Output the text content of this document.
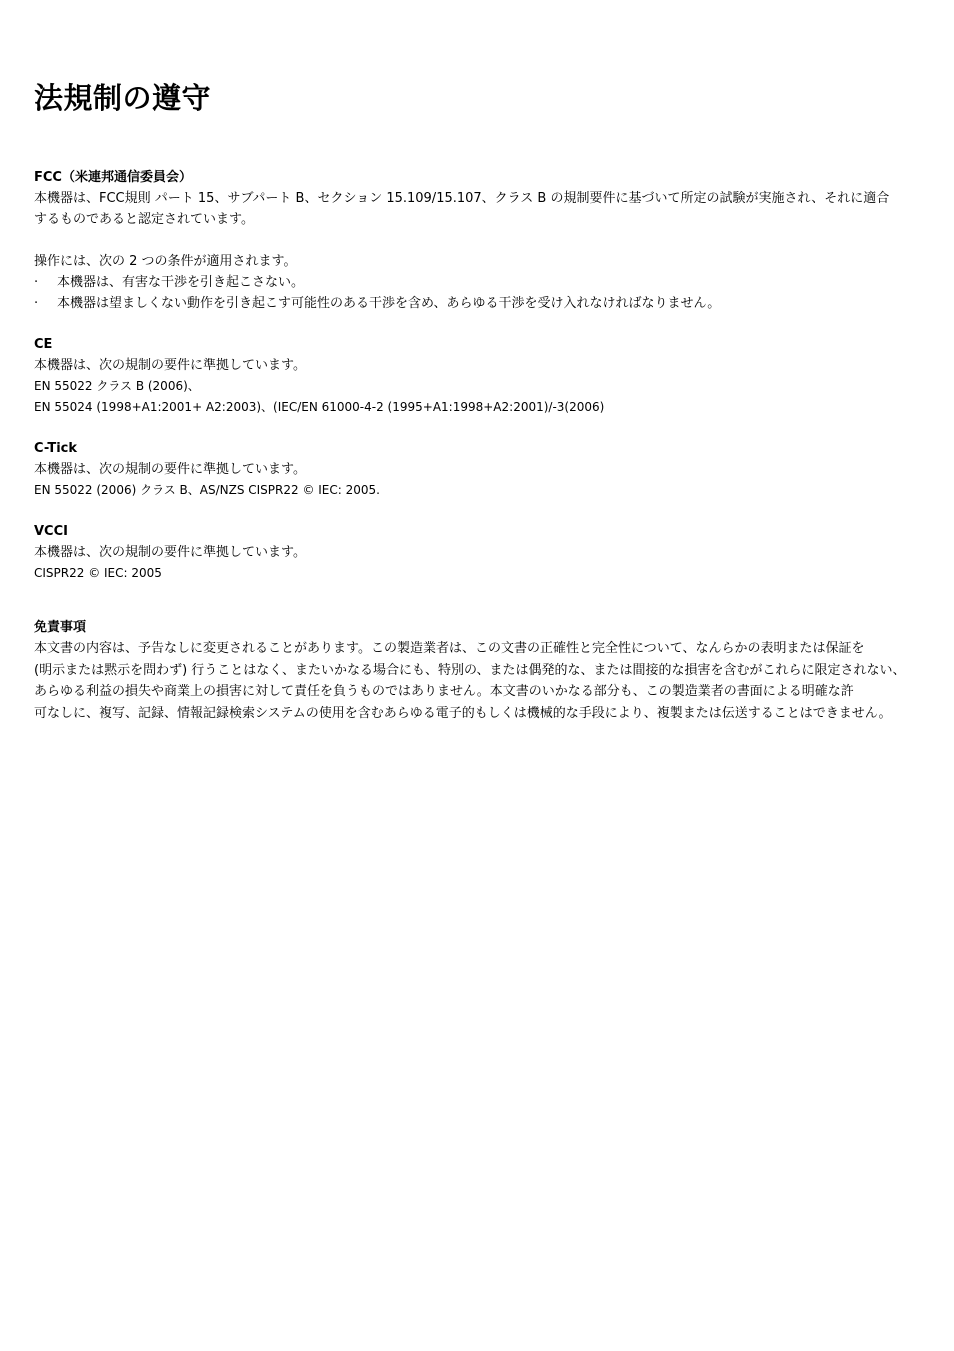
法規制の遵守
FCC（米連邦通信委員会）
本機器は、FCC規則 パート 15、サブパート B、セクション 15.109/15.107、クラス B の規制要件に基づいて所定の試験が実施され、それに適合
するものであると認定されています。
操作には、次の 2 つの条件が適用されます。
·	本機器は、有害な干渉を引き起こさない。
·	本機器は望ましくない動作を引き起こす可能性のある干渉を含め、あらゆる干渉を受け入れなければなりません。
CE
本機器は、次の規制の要件に準拠しています。
EN 55022 クラス B (2006)、
EN 55024 (1998+A1:2001+ A2:2003)、(IEC/EN 61000-4-2 (1995+A1:1998+A2:2001)/-3(2006)
C-Tick
本機器は、次の規制の要件に準拠しています。
EN 55022 (2006) クラス B、AS/NZS CISPR22 © IEC: 2005.
VCCI
本機器は、次の規制の要件に準拠しています。
CISPR22 © IEC: 2005
免責事項
本文書の内容は、予告なしに変更されることがあります。この製造業者は、この文書の正確性と完全性について、なんらかの表明または保証を
(明示または黙示を問わず) 行うことはなく、またいかなる場合にも、特別の、または偶発的な、または間接的な損害を含むがこれらに限定されない、
あらゆる利益の損失や商業上の損害に対して責任を負うものではありません。本文書のいかなる部分も、この製造業者の書面による明確な許
可なしに、複写、記録、情報記録検索システムの使用を含むあらゆる電子的もしくは機械的な手段により、複製または伝送することはできません。
